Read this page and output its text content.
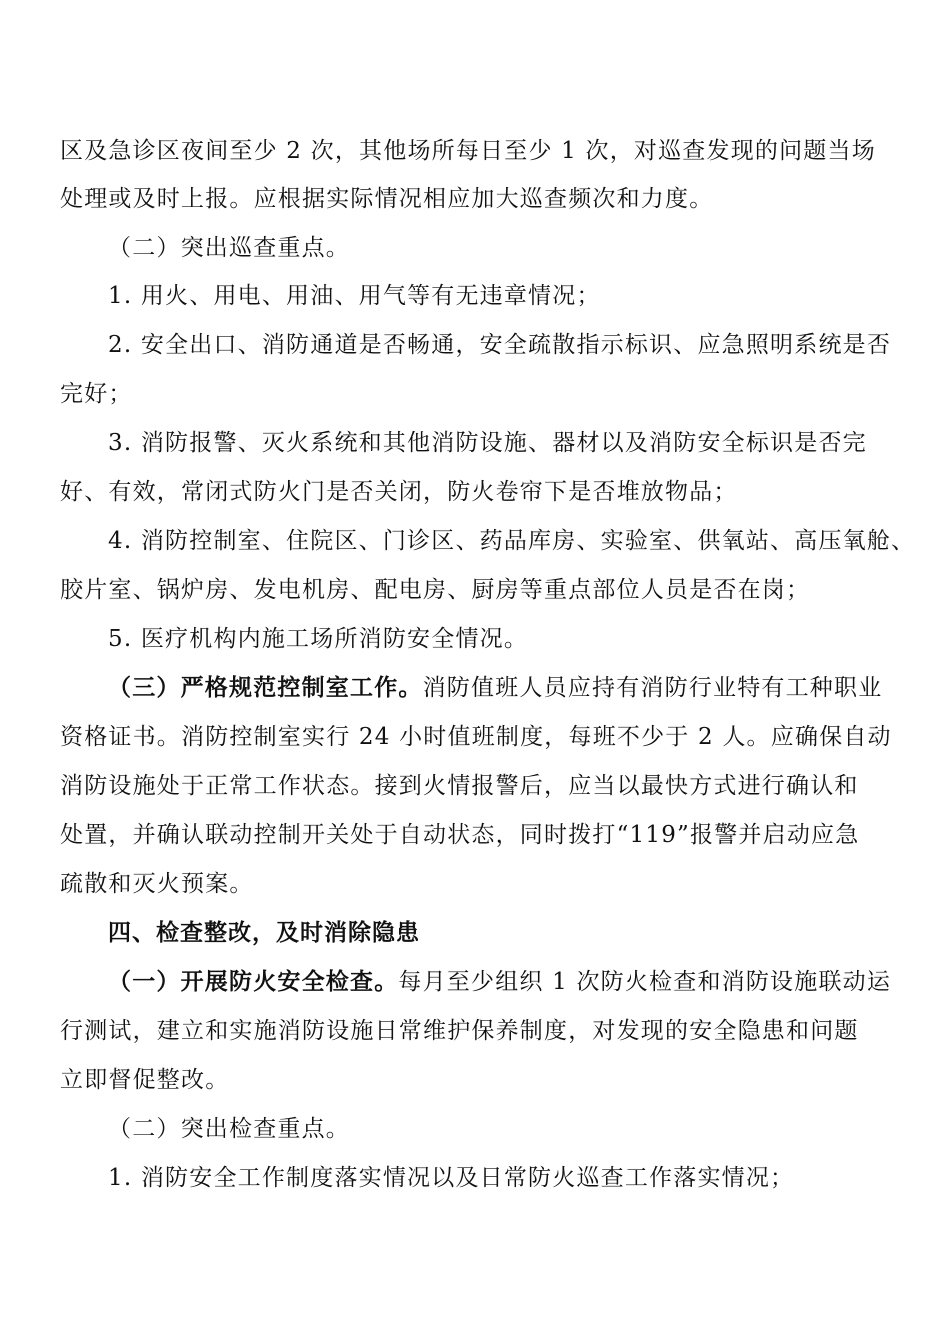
区及急诊区夜间至少 2 次，其他场所每日至少 1 次，对巡查发现的问题当场
处理或及时上报。应根据实际情况相应加大巡查频次和力度。
（二）突出巡查重点。
1. 用火、用电、用油、用气等有无违章情况；
2. 安全出口、消防通道是否畅通，安全疏散指示标识、应急照明系统是否
完好；
3. 消防报警、灭火系统和其他消防设施、器材以及消防安全标识是否完
好、有效，常闭式防火门是否关闭，防火卷帘下是否堆放物品；
4. 消防控制室、住院区、门诊区、药品库房、实验室、供氧站、高压氧舱、
胶片室、锅炉房、发电机房、配电房、厨房等重点部位人员是否在岗；
5. 医疗机构内施工场所消防安全情况。
（三）严格规范控制室工作。消防值班人员应持有消防行业特有工种职业
资格证书。消防控制室实行 24 小时值班制度，每班不少于 2 人。应确保自动
消防设施处于正常工作状态。接到火情报警后，应当以最快方式进行确认和
处置，并确认联动控制开关处于自动状态，同时拨打“119”报警并启动应急
疏散和灭火预案。
四、检查整改，及时消除隐患
（一）开展防火安全检查。每月至少组织 1 次防火检查和消防设施联动运
行测试，建立和实施消防设施日常维护保养制度，对发现的安全隐患和问题
立即督促整改。
（二）突出检查重点。
1. 消防安全工作制度落实情况以及日常防火巡查工作落实情况；
